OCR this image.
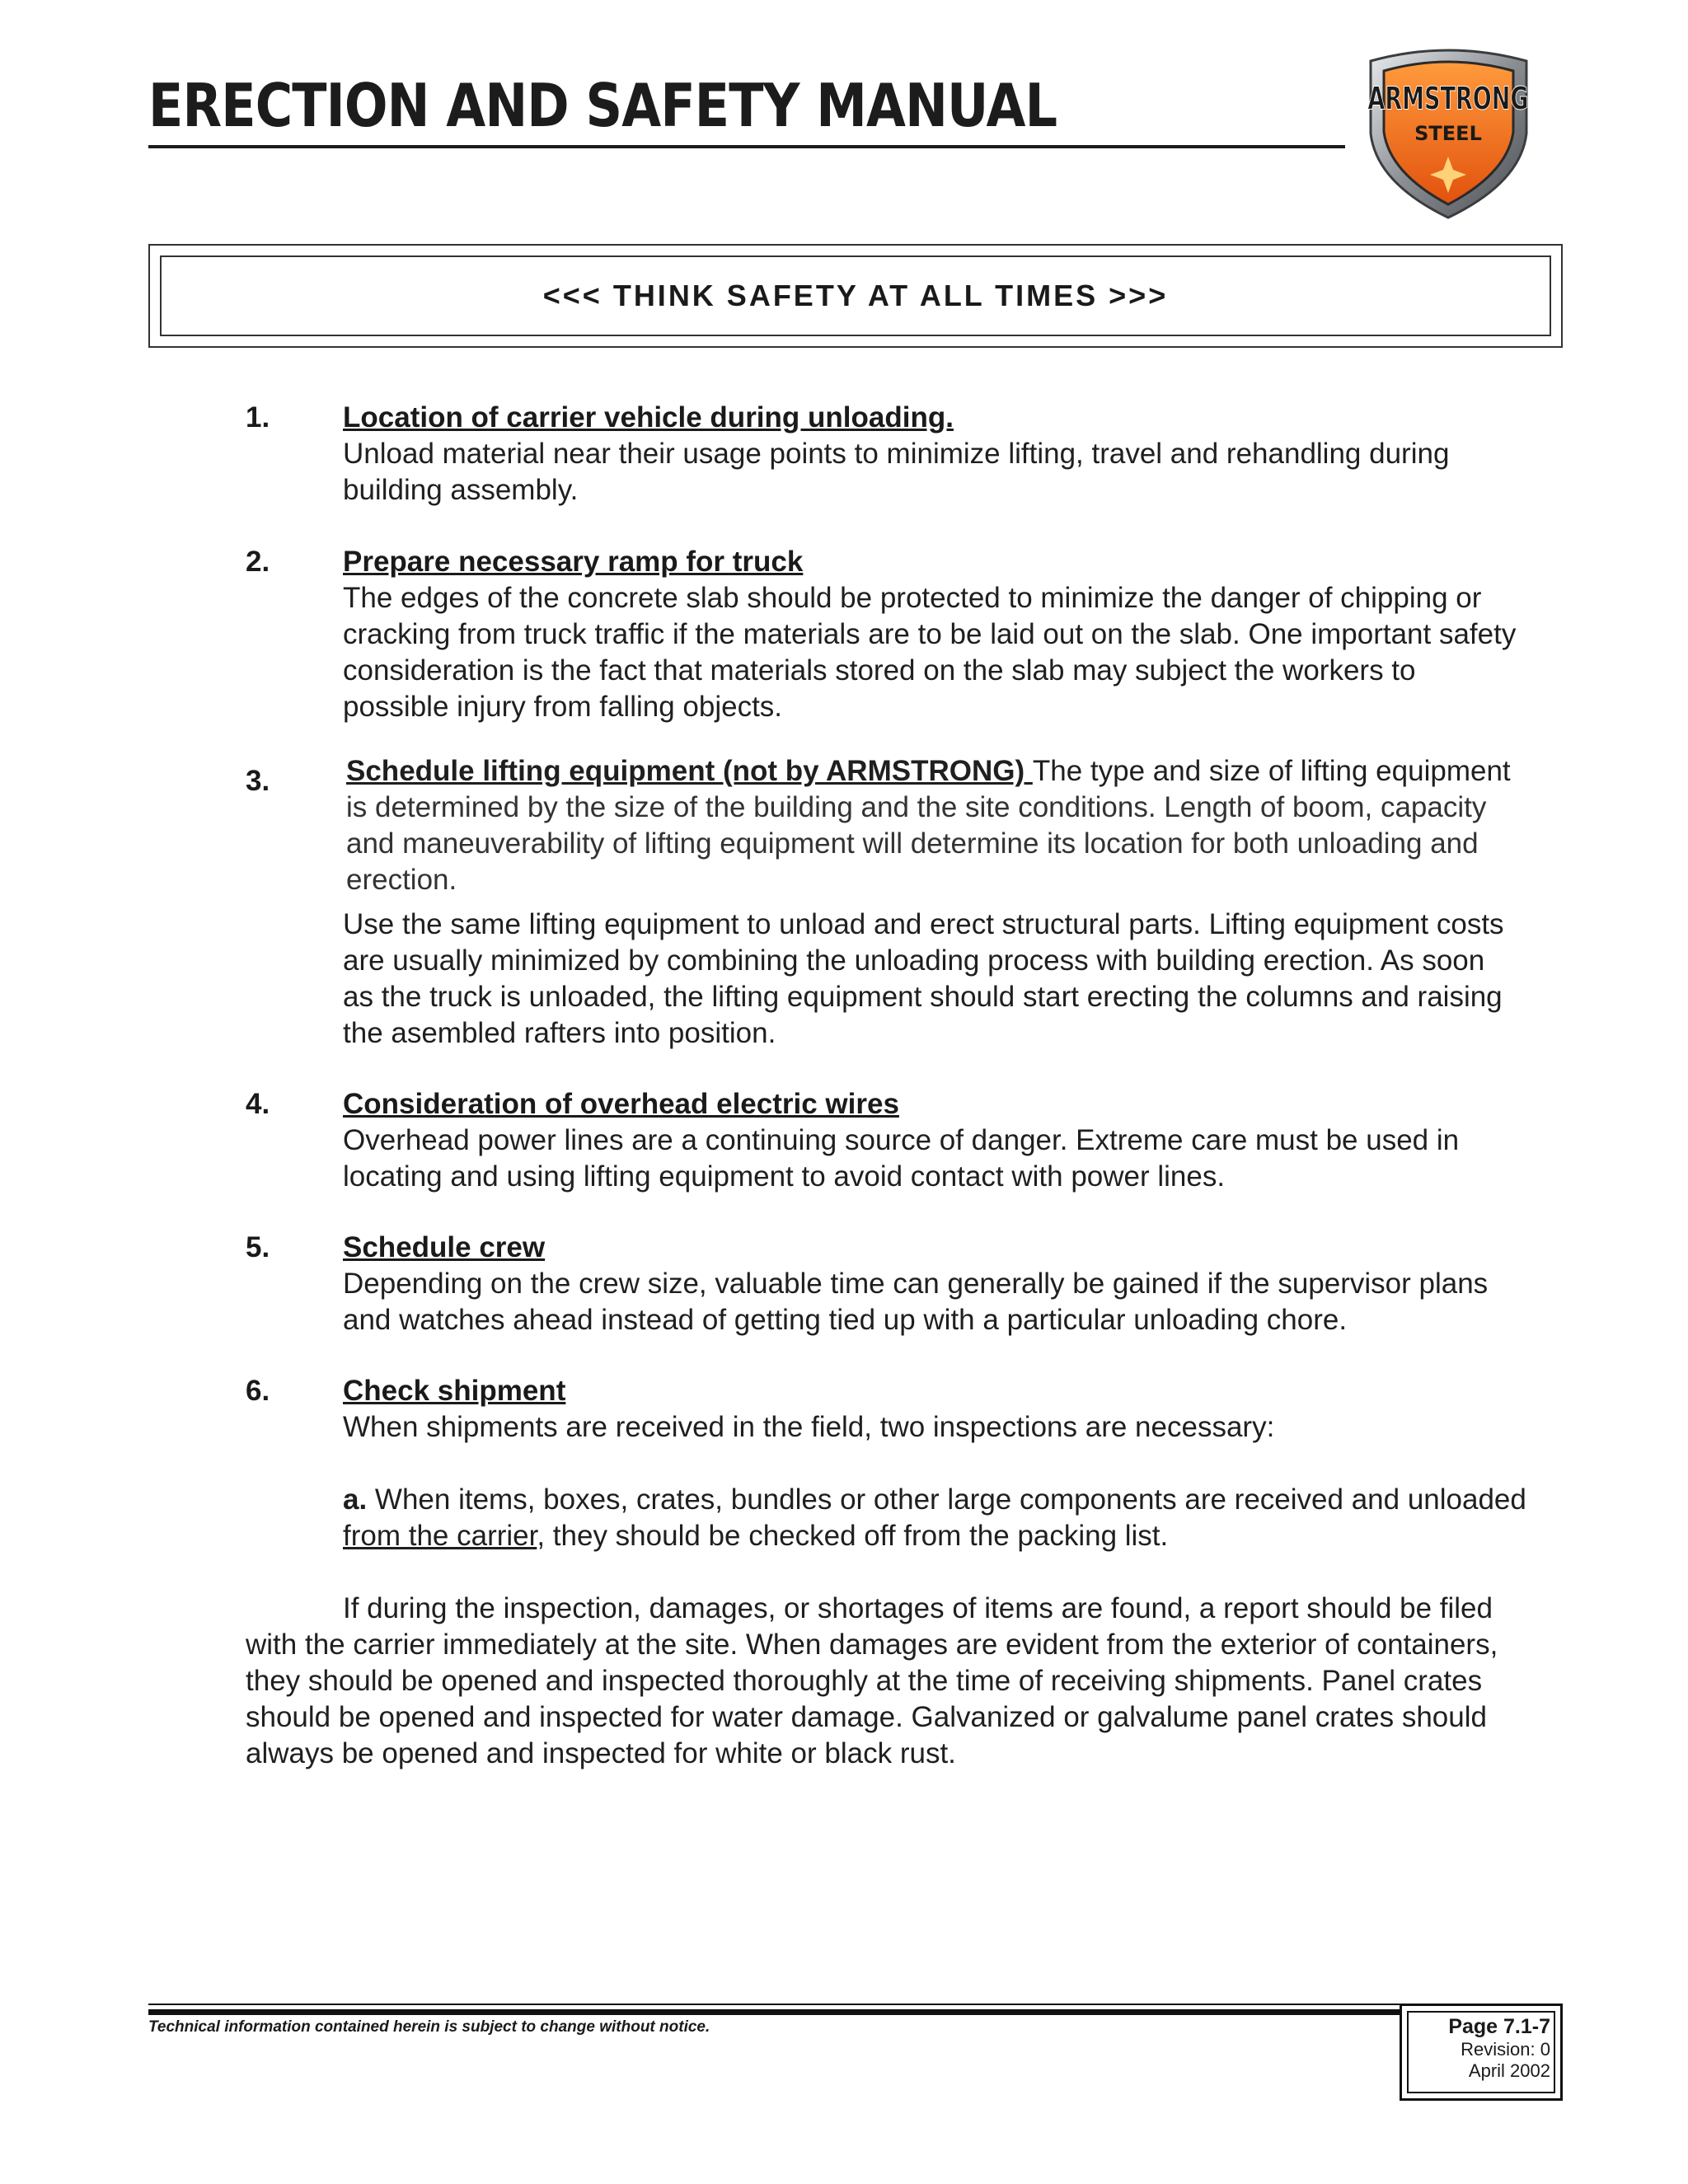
ERECTION AND SAFETY MANUAL	ARMSTRONG
STEEL
<<< THINK SAFETY AT ALL TIMES >>>
1.	Location of carrier vehicle during unloading.
Unload material near their usage points to minimize lifting, travel and rehandling during
building assembly.
2.	Prepare necessary ramp for truck
The edges of the concrete slab should be protected to minimize the danger of chipping or
cracking from truck traffic if the materials are to be laid out on the slab. One important safety
consideration is the fact that materials stored on the slab may subject the workers to
possible injury from falling objects.
3.	Schedule lifting equipment (not by ARMSTRONG) The type and size of lifting equipment
is determined by the size of the building and the site conditions. Length of boom, capacity
and maneuverability of lifting equipment will determine its location for both unloading and
erection.
Use the same lifting equipment to unload and erect structural parts. Lifting equipment costs
are usually minimized by combining the unloading process with building erection. As soon
as the truck is unloaded, the lifting equipment should start erecting the columns and raising
the asembled rafters into position.
4.	Consideration of overhead electric wires
Overhead power lines are a continuing source of danger. Extreme care must be used in
locating and using lifting equipment to avoid contact with power lines.
5.	Schedule crew
Depending on the crew size, valuable time can generally be gained if the supervisor plans
and watches ahead instead of getting tied up with a particular unloading chore.
6.	Check shipment
When shipments are received in the field, two inspections are necessary:
a. When items, boxes, crates, bundles or other large components are received and unloaded
from the carrier, they should be checked off from the packing list.
If during the inspection, damages, or shortages of items are found, a report should be filed
with the carrier immediately at the site. When damages are evident from the exterior of containers,
they should be opened and inspected thoroughly at the time of receiving shipments. Panel crates
should be opened and inspected for water damage. Galvanized or galvalume panel crates should
always be opened and inspected for white or black rust.
Technical information contained herein is subject to change without notice.	Page 7.1-7
Revision: 0
April 2002
